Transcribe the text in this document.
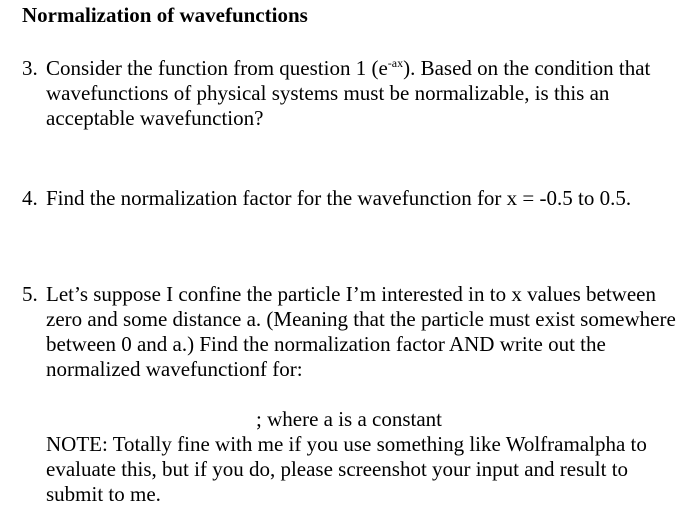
Normalization of wavefunctions
3. Consider the function from question 1 $(e^{-ax})$. Based on the condition that wavefunctions of physical systems must be normalizable, is this an acceptable wavefunction?
4. Find the normalization factor for the wavefunction for x = -0.5 to 0.5.
5. Let’s suppose I confine the particle I’m interested in to x values between zero and some distance a. (Meaning that the particle must exist somewhere between 0 and a.) Find the normalization factor AND write out the normalized wavefunctionf for:
; where a is a constant
NOTE: Totally fine with me if you use something like Wolframalpha to evaluate this, but if you do, please screenshot your input and result to submit to me.
